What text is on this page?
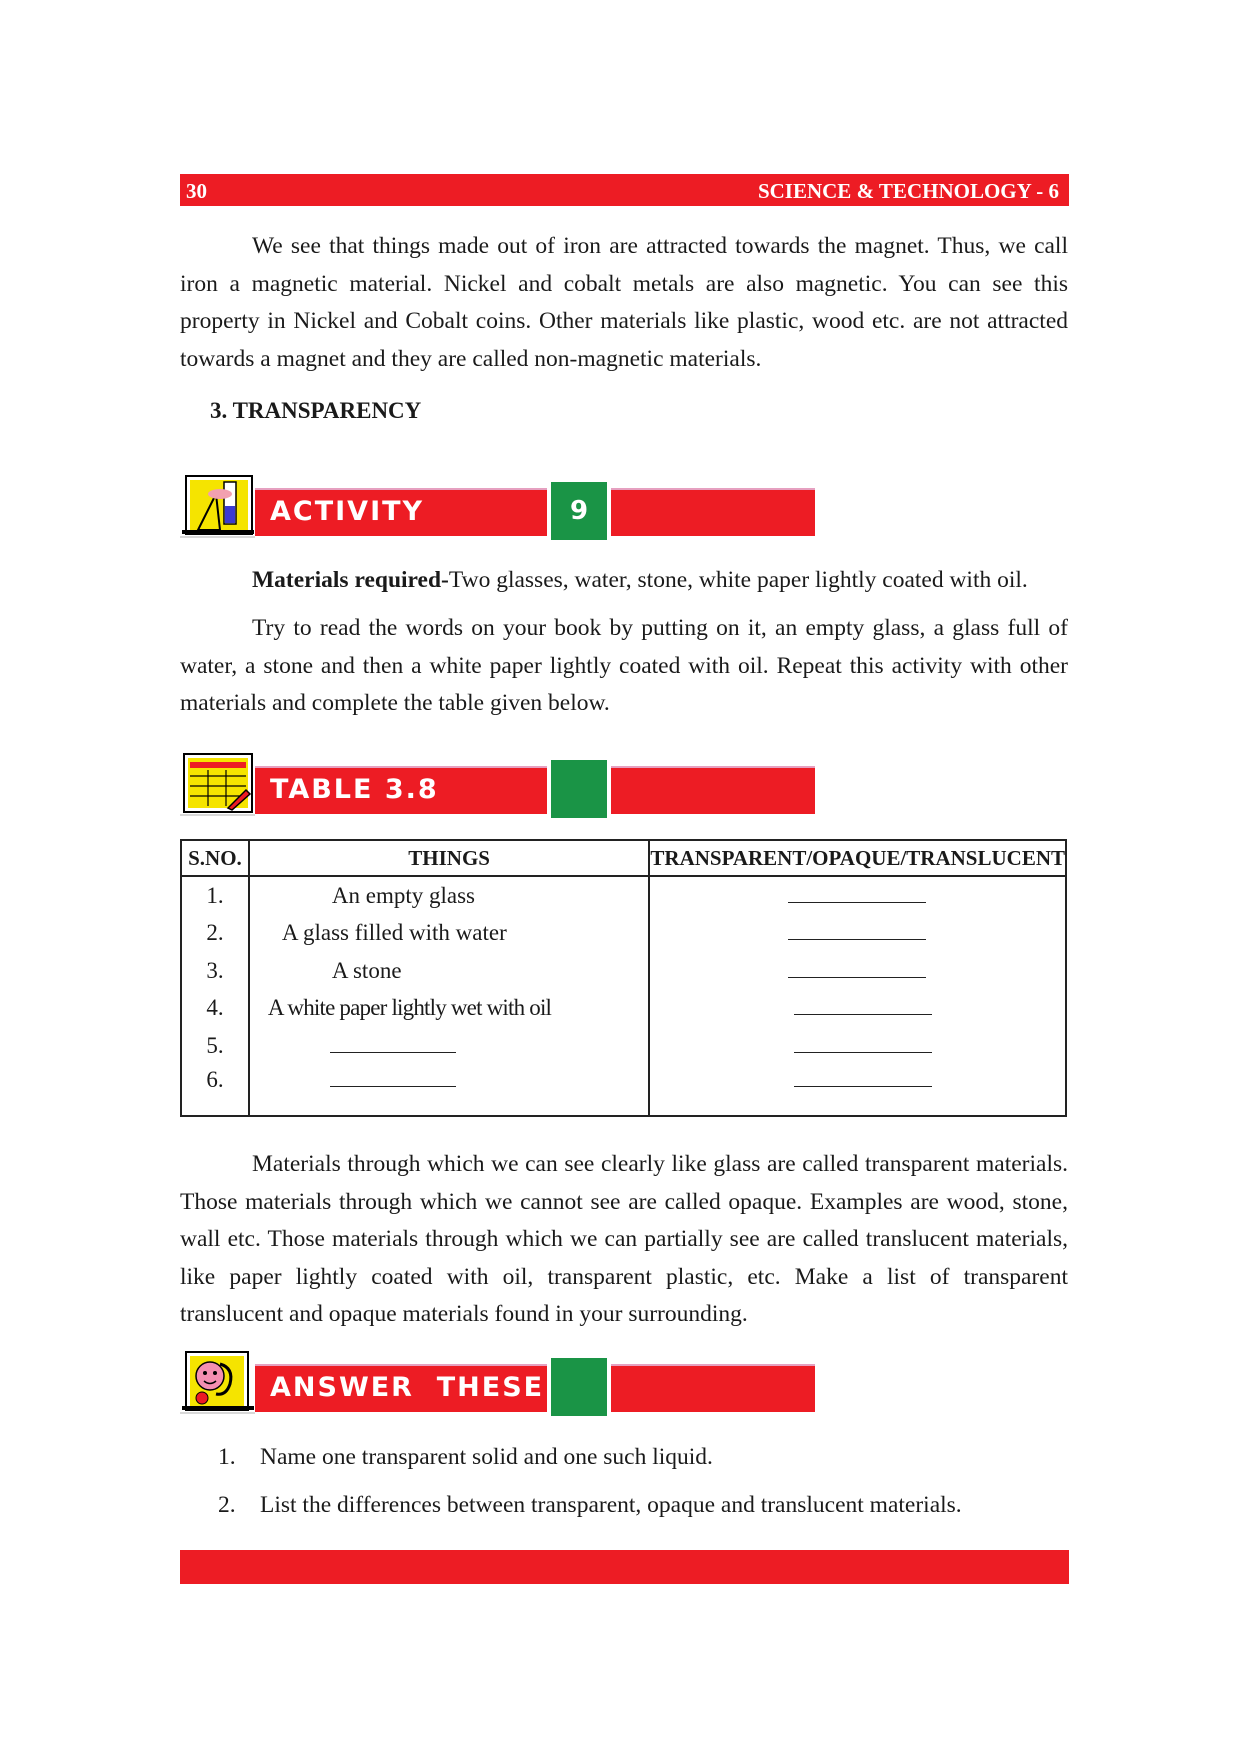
30	SCIENCE & TECHNOLOGY - 6

We see that things made out of iron are attracted towards the magnet. Thus, we call iron a magnetic material. Nickel and cobalt metals are also magnetic. You can see this property in Nickel and Cobalt coins. Other materials like plastic, wood etc. are not attracted towards a magnet and they are called non-magnetic materials.

3. TRANSPARENCY
ACTIVITY	9

Materials required-Two glasses, water, stone, white paper lightly coated with oil.

Try to read the words on your book by putting on it, an empty glass, a glass full of water, a stone and then a white paper lightly coated with oil. Repeat this activity with other materials and complete the table given below.

TABLE 3.8
S.NO.	THINGS	TRANSPARENT/OPAQUE/TRANSLUCENT
1.	An empty glass	
2.	A glass filled with water	
3.	A stone	
4.	A white paper lightly wet with oil	
5.		
6.		

Materials through which we can see clearly like glass are called transparent materials. Those materials through which we cannot see are called opaque. Examples are wood, stone, wall etc. Those materials through which we can partially see are called translucent materials, like paper lightly coated with oil, transparent plastic, etc. Make a list of transparent translucent and opaque materials found in your surrounding.

ANSWER  THESE
1. Name one transparent solid and one such liquid.
2. List the differences between transparent, opaque and translucent materials.
